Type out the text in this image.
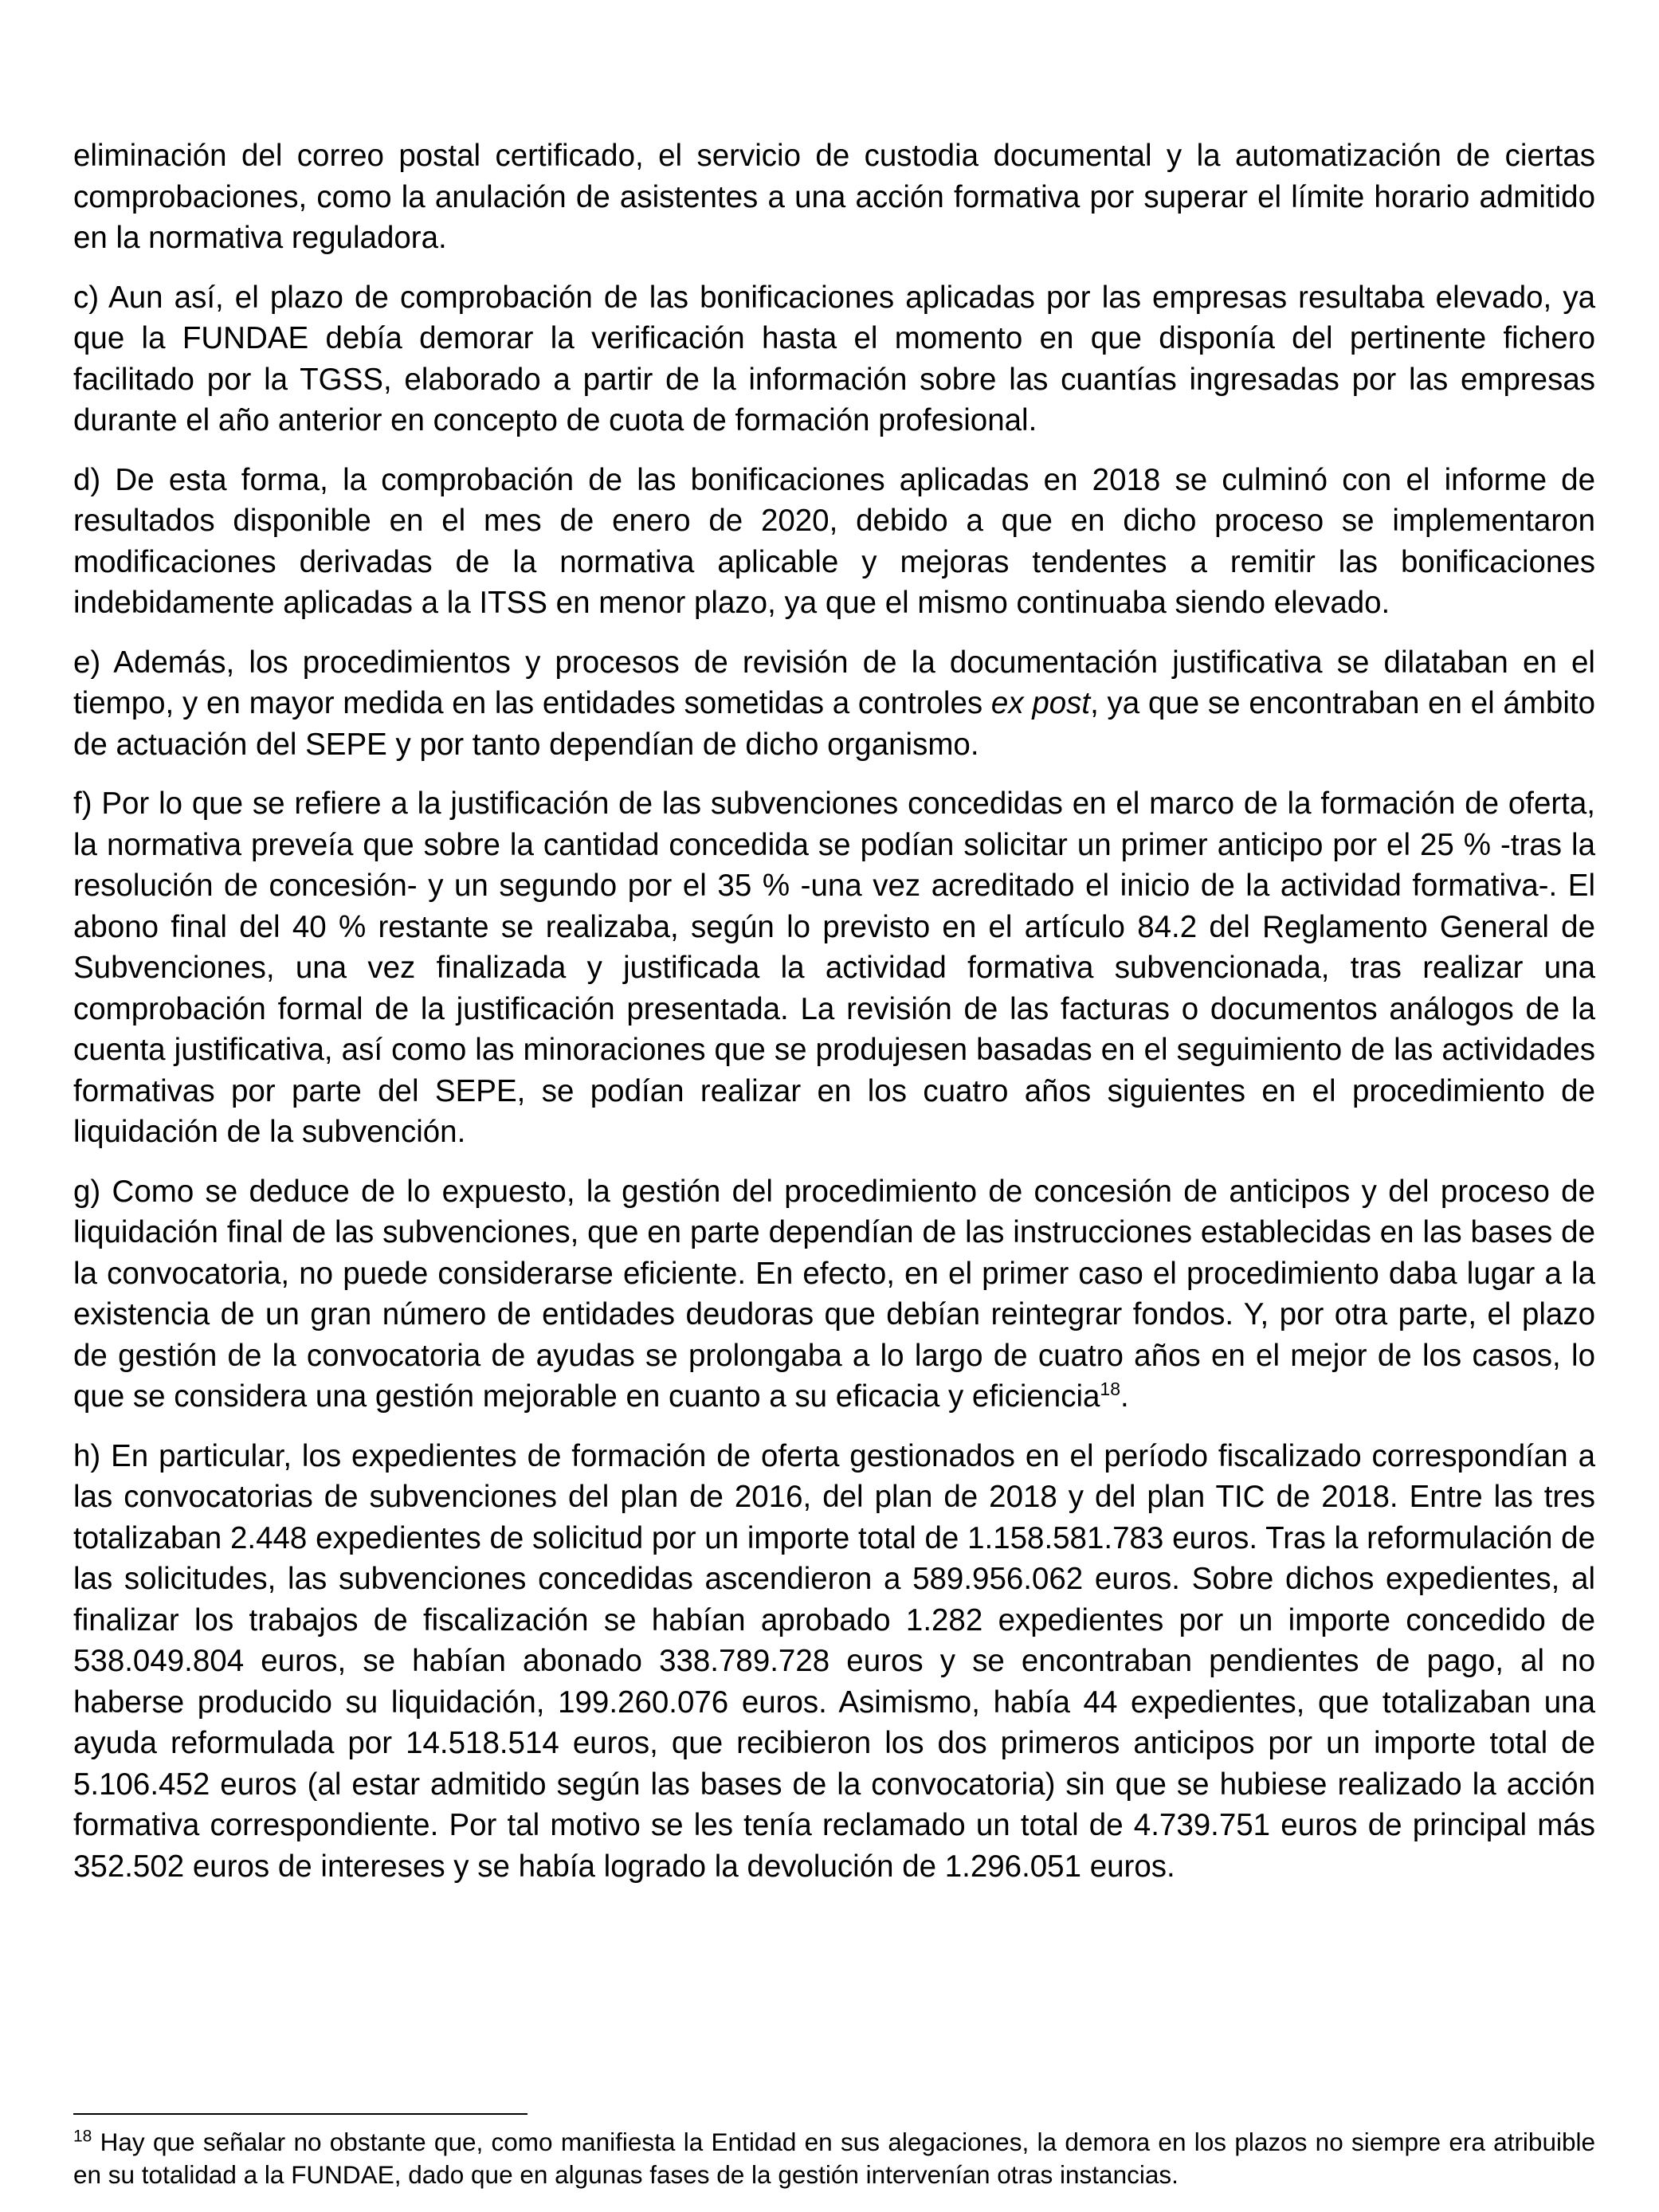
eliminación del correo postal certificado, el servicio de custodia documental y la automatización de ciertas comprobaciones, como la anulación de asistentes a una acción formativa por superar el límite horario admitido en la normativa reguladora.

c) Aun así, el plazo de comprobación de las bonificaciones aplicadas por las empresas resultaba elevado, ya que la FUNDAE debía demorar la verificación hasta el momento en que disponía del pertinente fichero facilitado por la TGSS, elaborado a partir de la información sobre las cuantías ingresadas por las empresas durante el año anterior en concepto de cuota de formación profesional.

d) De esta forma, la comprobación de las bonificaciones aplicadas en 2018 se culminó con el informe de resultados disponible en el mes de enero de 2020, debido a que en dicho proceso se implementaron modificaciones derivadas de la normativa aplicable y mejoras tendentes a remitir las bonificaciones indebidamente aplicadas a la ITSS en menor plazo, ya que el mismo continuaba siendo elevado.

e) Además, los procedimientos y procesos de revisión de la documentación justificativa se dilataban en el tiempo, y en mayor medida en las entidades sometidas a controles ex post, ya que se encontraban en el ámbito de actuación del SEPE y por tanto dependían de dicho organismo.

f) Por lo que se refiere a la justificación de las subvenciones concedidas en el marco de la formación de oferta, la normativa preveía que sobre la cantidad concedida se podían solicitar un primer anticipo por el 25 % -tras la resolución de concesión- y un segundo por el 35 % -una vez acreditado el inicio de la actividad formativa-. El abono final del 40 % restante se realizaba, según lo previsto en el artículo 84.2 del Reglamento General de Subvenciones, una vez finalizada y justificada la actividad formativa subvencionada, tras realizar una comprobación formal de la justificación presentada. La revisión de las facturas o documentos análogos de la cuenta justificativa, así como las minoraciones que se produjesen basadas en el seguimiento de las actividades formativas por parte del SEPE, se podían realizar en los cuatro años siguientes en el procedimiento de liquidación de la subvención.

g) Como se deduce de lo expuesto, la gestión del procedimiento de concesión de anticipos y del proceso de liquidación final de las subvenciones, que en parte dependían de las instrucciones establecidas en las bases de la convocatoria, no puede considerarse eficiente. En efecto, en el primer caso el procedimiento daba lugar a la existencia de un gran número de entidades deudoras que debían reintegrar fondos. Y, por otra parte, el plazo de gestión de la convocatoria de ayudas se prolongaba a lo largo de cuatro años en el mejor de los casos, lo que se considera una gestión mejorable en cuanto a su eficacia y eficiencia$^{18}$.

h) En particular, los expedientes de formación de oferta gestionados en el período fiscalizado correspondían a las convocatorias de subvenciones del plan de 2016, del plan de 2018 y del plan TIC de 2018. Entre las tres totalizaban 2.448 expedientes de solicitud por un importe total de 1.158.581.783 euros. Tras la reformulación de las solicitudes, las subvenciones concedidas ascendieron a 589.956.062 euros. Sobre dichos expedientes, al finalizar los trabajos de fiscalización se habían aprobado 1.282 expedientes por un importe concedido de 538.049.804 euros, se habían abonado 338.789.728 euros y se encontraban pendientes de pago, al no haberse producido su liquidación, 199.260.076 euros. Asimismo, había 44 expedientes, que totalizaban una ayuda reformulada por 14.518.514 euros, que recibieron los dos primeros anticipos por un importe total de 5.106.452 euros (al estar admitido según las bases de la convocatoria) sin que se hubiese realizado la acción formativa correspondiente. Por tal motivo se les tenía reclamado un total de 4.739.751 euros de principal más 352.502 euros de intereses y se había logrado la devolución de 1.296.051 euros.

$^{18}$ Hay que señalar no obstante que, como manifiesta la Entidad en sus alegaciones, la demora en los plazos no siempre era atribuible en su totalidad a la FUNDAE, dado que en algunas fases de la gestión intervenían otras instancias.
